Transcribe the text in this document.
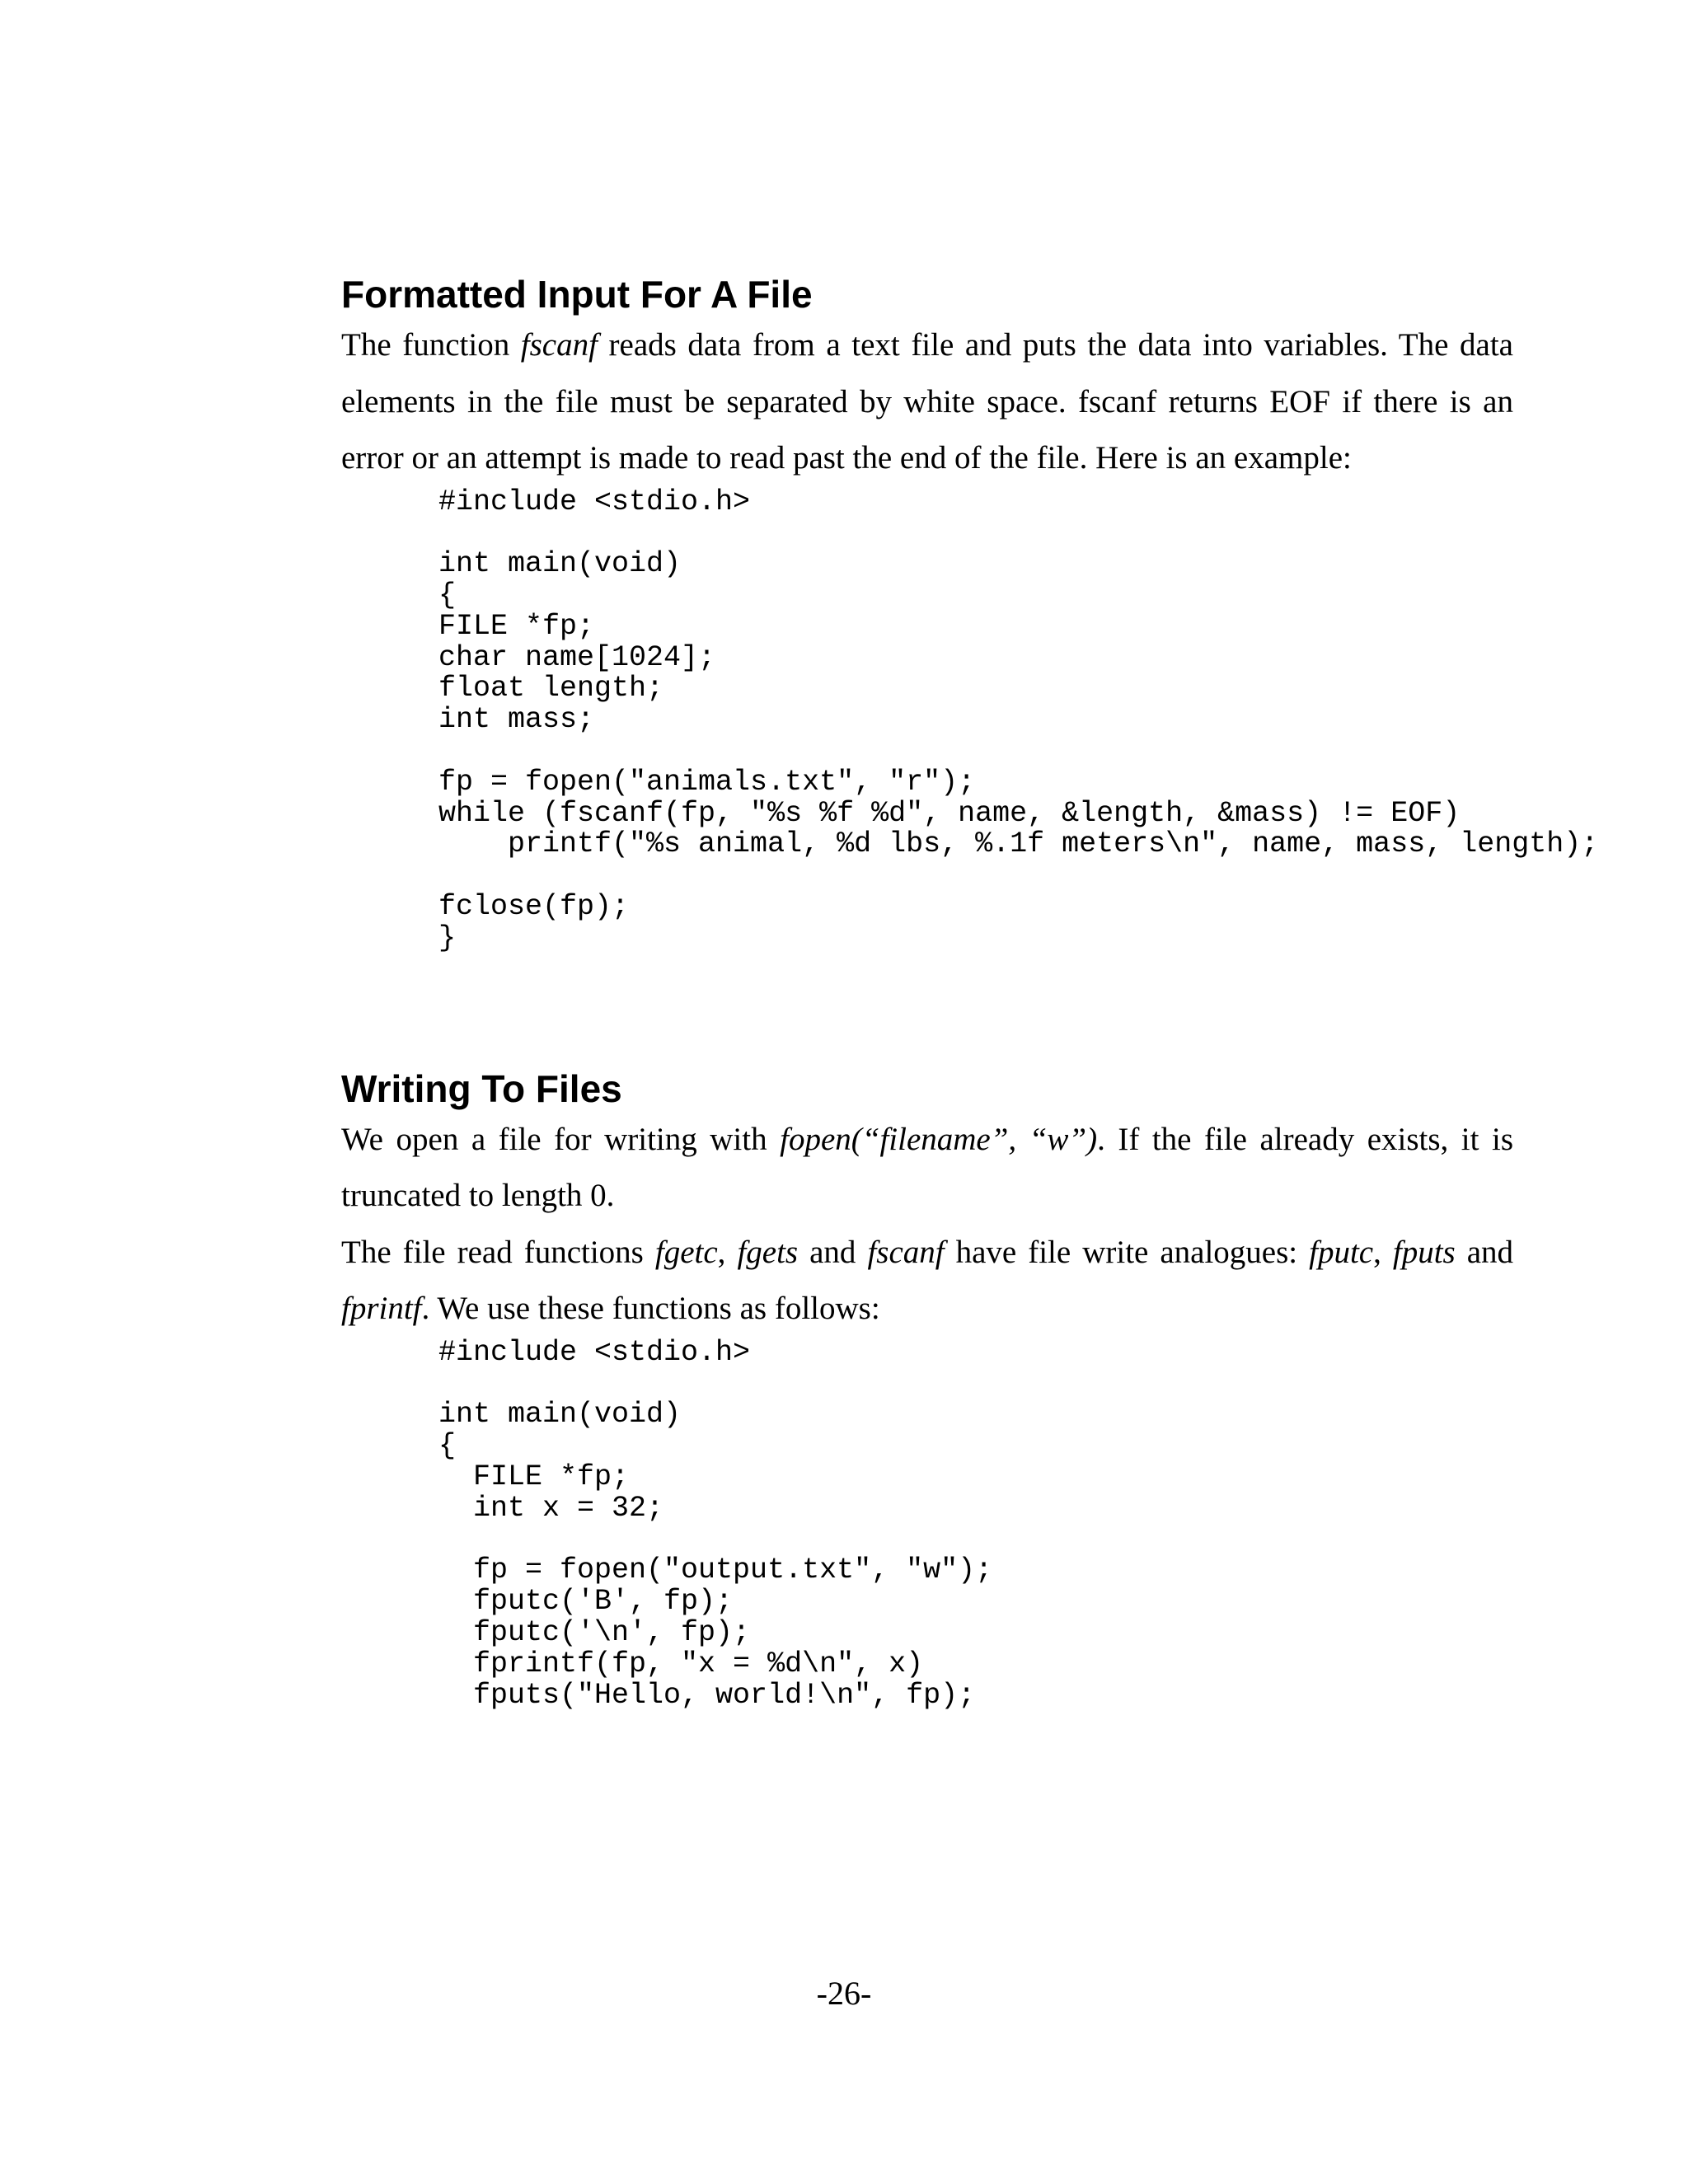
Formatted Input For A File

The function fscanf reads data from a text file and puts the data into variables. The data elements in the file must be separated by white space. fscanf returns EOF if there is an error or an attempt is made to read past the end of the file. Here is an example:

#include <stdio.h>

int main(void)
{
FILE *fp;
char name[1024];
float length;
int mass;

fp = fopen("animals.txt", "r");
while (fscanf(fp, "%s %f %d", name, &length, &mass) != EOF)
printf("%s animal, %d lbs, %.1f meters\n", name, mass, length);

fclose(fp);
}
Writing To Files

We open a file for writing with fopen(“filename”, “w”). If the file already exists, it is truncated to length 0.

The file read functions fgetc, fgets and fscanf have file write analogues: fputc, fputs and fprintf. We use these functions as follows:

#include <stdio.h>

int main(void)
{
FILE *fp;
int x = 32;

fp = fopen("output.txt", "w");
fputc('B', fp);
fputc('\n', fp);
fprintf(fp, "x = %d\n", x)
fputs("Hello, world!\n", fp);
-26-
